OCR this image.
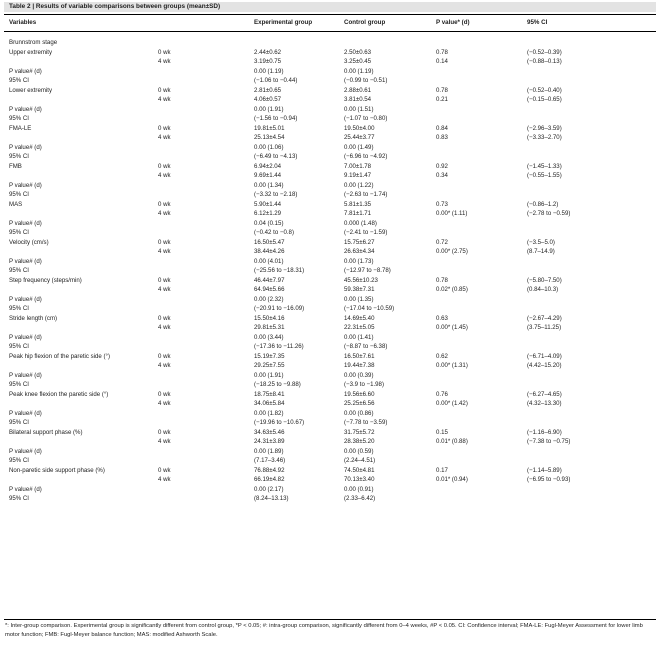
Table 2 | Results of variable comparisons between groups (mean±SD)
Variables	Experimental group	Control group	P value* (d)	95% CI
Brunnstrom stage
Upper extremity	0 wk	2.44±0.62	2.50±0.63	0.78	(−0.52–0.39)
4 wk	3.19±0.75	3.25±0.45	0.14	(−0.88–0.13)
P value# (d)	0.00 (1.19)	0.00 (1.19)
95% CI	(−1.06 to −0.44)	(−0.99 to −0.51)
Lower extremity	0 wk	2.81±0.65	2.88±0.61	0.78	(−0.52–0.40)
4 wk	4.06±0.57	3.81±0.54	0.21	(−0.15–0.65)
P value# (d)	0.00 (1.91)	0.00 (1.51)
95% CI	(−1.56 to −0.94)	(−1.07 to −0.80)
FMA-LE	0 wk	19.81±5.01	19.50±4.00	0.84	(−2.96–3.59)
4 wk	25.13±4.54	25.44±3.77	0.83	(−3.33–2.70)
P value# (d)	0.00 (1.06)	0.00 (1.49)
95% CI	(−6.49 to −4.13)	(−6.96 to −4.92)
FMB	0 wk	6.94±2.04	7.00±1.78	0.92	(−1.45–1.33)
4 wk	9.69±1.44	9.19±1.47	0.34	(−0.55–1.55)
P value# (d)	0.00 (1.34)	0.00 (1.22)
95% CI	(−3.32 to −2.18)	(−2.63 to −1.74)
MAS	0 wk	5.90±1.44	5.81±1.35	0.73	(−0.86–1.2)
4 wk	6.12±1.29	7.81±1.71	0.00* (1.11)	(−2.78 to −0.59)
P value# (d)	0.04 (0.15)	0.000 (1.48)
95% CI	(−0.42 to −0.8)	(−2.41 to −1.59)
Velocity (cm/s)	0 wk	16.50±5.47	15.75±6.27	0.72	(−3.5–5.0)
4 wk	38.44±4.26	26.63±4.34	0.00* (2.75)	(8.7–14.9)
P value# (d)	0.00 (4.01)	0.00 (1.73)
95% CI	(−25.56 to −18.31)	(−12.97 to −8.78)
Step frequency (steps/min)	0 wk	46.44±7.97	45.56±10.23	0.78	(−5.80–7.50)
4 wk	64.94±5.66	59.38±7.31	0.02* (0.85)	(0.84–10.3)
P value# (d)	0.00 (2.32)	0.00 (1.35)
95% CI	(−20.91 to −16.09)	(−17.04 to −10.59)
Stride length (cm)	0 wk	15.50±4.16	14.69±5.40	0.63	(−2.67–4.29)
4 wk	29.81±5.31	22.31±5.05	0.00* (1.45)	(3.75–11.25)
P value# (d)	0.00 (3.44)	0.00 (1.41)
95% CI	(−17.36 to −11.26)	(−8.87 to −6.38)
Peak hip flexion of the paretic side (°)	0 wk	15.19±7.35	16.50±7.61	0.62	(−6.71–4.09)
4 wk	29.25±7.55	19.44±7.38	0.00* (1.31)	(4.42–15.20)
P value# (d)	0.00 (1.91)	0.00 (0.39)
95% CI	(−18.25 to −9.88)	(−3.9 to −1.98)
Peak knee flexion the paretic side (°)	0 wk	18.75±8.41	19.56±6.60	0.76	(−6.27–4.65)
4 wk	34.06±5.84	25.25±6.56	0.00* (1.42)	(4.32–13.30)
P value# (d)	0.00 (1.82)	0.00 (0.86)
95% CI	(−19.96 to −10.67)	(−7.78 to −3.59)
Bilateral support phase (%)	0 wk	34.63±5.46	31.75±5.72	0.15	(−1.16–6.90)
4 wk	24.31±3.89	28.38±5.20	0.01* (0.88)	(−7.38 to −0.75)
P value# (d)	0.00 (1.89)	0.00 (0.59)
95% CI	(7.17–3.46)	(2.24–4.51)
Non-paretic side support phase (%)	0 wk	76.88±4.92	74.50±4.81	0.17	(−1.14–5.89)
4 wk	66.19±4.82	70.13±3.40	0.01* (0.94)	(−6.95 to −0.93)
P value# (d)	0.00 (2.17)	0.00 (0.91)
95% CI	(8.24–13.13)	(2.33–6.42)
*: Inter-group comparison. Experimental group is significantly different from control group, *P < 0.05; #: intra-group comparison, significantly different from 0–4 weeks, #P < 0.05. CI: Confidence interval; FMA-LE: Fugl-Meyer Assessment for lower limb motor function; FMB: Fugl-Meyer balance function; MAS: modified Ashworth Scale.
